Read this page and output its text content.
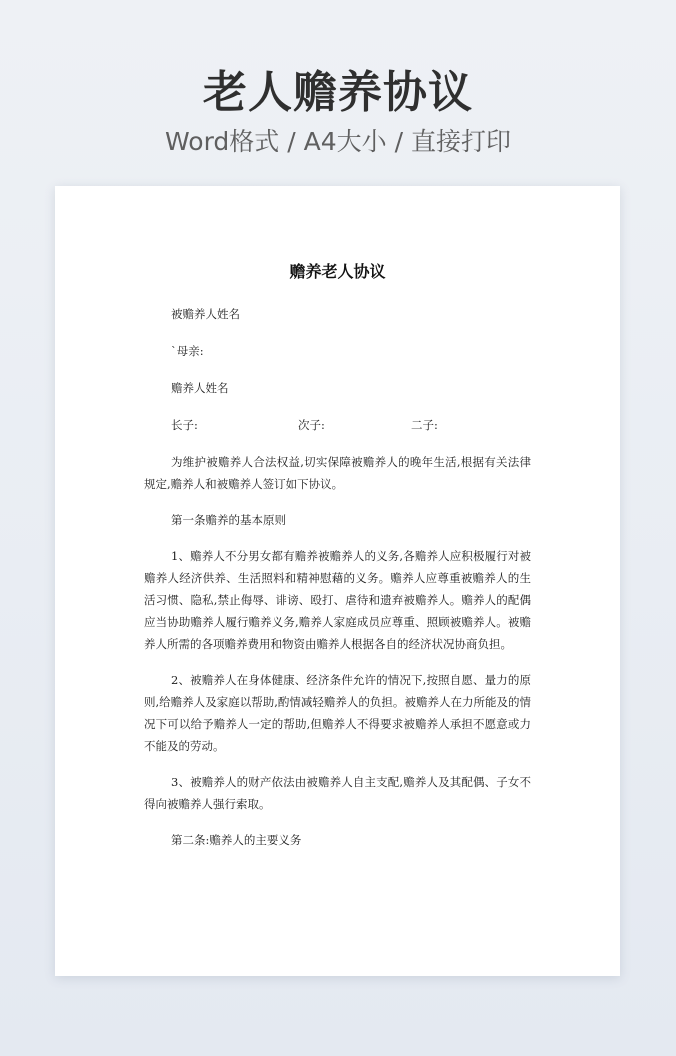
老人赡养协议

Word格式 / A4大小 / 直接打印

赡养老人协议

被赡养人姓名

`母亲:

赡养人姓名

长子:	次子:	二子:

为维护被赡养人合法权益,切实保障被赡养人的晚年生活,根据有关法律规定,赡养人和被赡养人签订如下协议。

第一条赡养的基本原则

1、赡养人不分男女都有赡养被赡养人的义务,各赡养人应积极履行对被赡养人经济供养、生活照料和精神慰藉的义务。赡养人应尊重被赡养人的生活习惯、隐私,禁止侮辱、诽谤、殴打、虐待和遗弃被赡养人。赡养人的配偶应当协助赡养人履行赡养义务,赡养人家庭成员应尊重、照顾被赡养人。被赡养人所需的各项赡养费用和物资由赡养人根据各自的经济状况协商负担。

2、被赡养人在身体健康、经济条件允许的情况下,按照自愿、量力的原则,给赡养人及家庭以帮助,酌情减轻赡养人的负担。被赡养人在力所能及的情况下可以给予赡养人一定的帮助,但赡养人不得要求被赡养人承担不愿意或力不能及的劳动。

3、被赡养人的财产依法由被赡养人自主支配,赡养人及其配偶、子女不得向被赡养人强行索取。

第二条:赡养人的主要义务
